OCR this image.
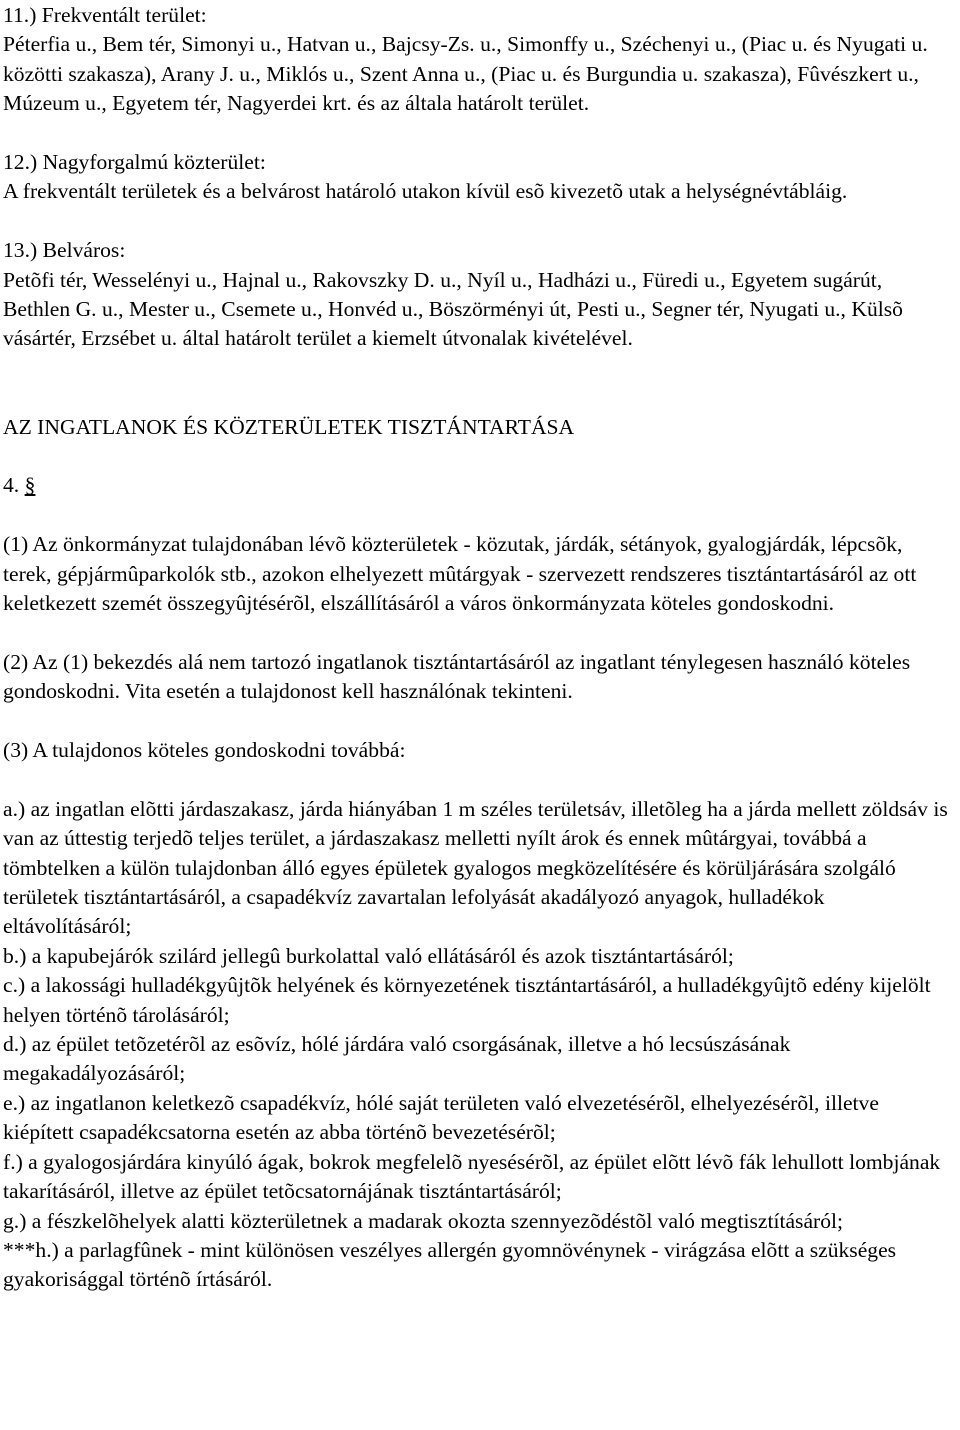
11.) Frekventált terület:

Péterfia u., Bem tér, Simonyi u., Hatvan u., Bajcsy-Zs. u., Simonffy u., Széchenyi u., (Piac u. és Nyugati u. közötti szakasza), Arany J. u., Miklós u., Szent Anna u., (Piac u. és Burgundia u. szakasza), Fûvészkert u., Múzeum u., Egyetem tér, Nagyerdei krt. és az általa határolt terület.

12.) Nagyforgalmú közterület:

A frekventált területek és a belvárost határoló utakon kívül esõ kivezetõ utak a helységnévtábláig.

13.) Belváros:

Petõfi tér, Wesselényi u., Hajnal u., Rakovszky D. u., Nyíl u., Hadházi u., Füredi u., Egyetem sugárút, Bethlen G. u., Mester u., Csemete u., Honvéd u., Böszörményi út, Pesti u., Segner tér, Nyugati u., Külsõ vásártér, Erzsébet u. által határolt terület a kiemelt útvonalak kivételével.

AZ INGATLANOK ÉS KÖZTERÜLETEK TISZTÁNTARTÁSA

4. §

(1) Az önkormányzat tulajdonában lévõ közterületek - közutak, járdák, sétányok, gyalogjárdák, lépcsõk, terek, gépjármûparkolók stb., azokon elhelyezett mûtárgyak - szervezett rendszeres tisztántartásáról az ott keletkezett szemét összegyûjtésérõl, elszállításáról a város önkormányzata köteles gondoskodni.

(2) Az (1) bekezdés alá nem tartozó ingatlanok tisztántartásáról az ingatlant ténylegesen használó köteles gondoskodni. Vita esetén a tulajdonost kell használónak tekinteni.

(3) A tulajdonos köteles gondoskodni továbbá:

a.) az ingatlan elõtti járdaszakasz, járda hiányában 1 m széles területsáv, illetõleg ha a járda mellett zöldsáv is van az úttestig terjedõ teljes terület, a járdaszakasz melletti nyílt árok és ennek mûtárgyai, továbbá a tömbtelken a külön tulajdonban álló egyes épületek gyalogos megközelítésére és körüljárására szolgáló területek tisztántartásáról, a csapadékvíz zavartalan lefolyását akadályozó anyagok, hulladékok eltávolításáról;

b.) a kapubejárók szilárd jellegû burkolattal való ellátásáról és azok tisztántartásáról;

c.) a lakossági hulladékgyûjtõk helyének és környezetének tisztántartásáról, a hulladékgyûjtõ edény kijelölt helyen történõ tárolásáról;

d.) az épület tetõzetérõl az esõvíz, hólé járdára való csorgásának, illetve a hó lecsúszásának megakadályozásáról;

e.) az ingatlanon keletkezõ csapadékvíz, hólé saját területen való elvezetésérõl, elhelyezésérõl, illetve kiépített csapadékcsatorna esetén az abba történõ bevezetésérõl;

f.) a gyalogosjárdára kinyúló ágak, bokrok megfelelõ nyesésérõl, az épület elõtt lévõ fák lehullott lombjának takarításáról, illetve az épület tetõcsatornájának tisztántartásáról;

g.) a fészkelõhelyek alatti közterületnek a madarak okozta szennyezõdéstõl való megtisztításáról;

***h.) a parlagfûnek - mint különösen veszélyes allergén gyomnövénynek - virágzása elõtt a szükséges gyakorisággal történõ írtásáról.
